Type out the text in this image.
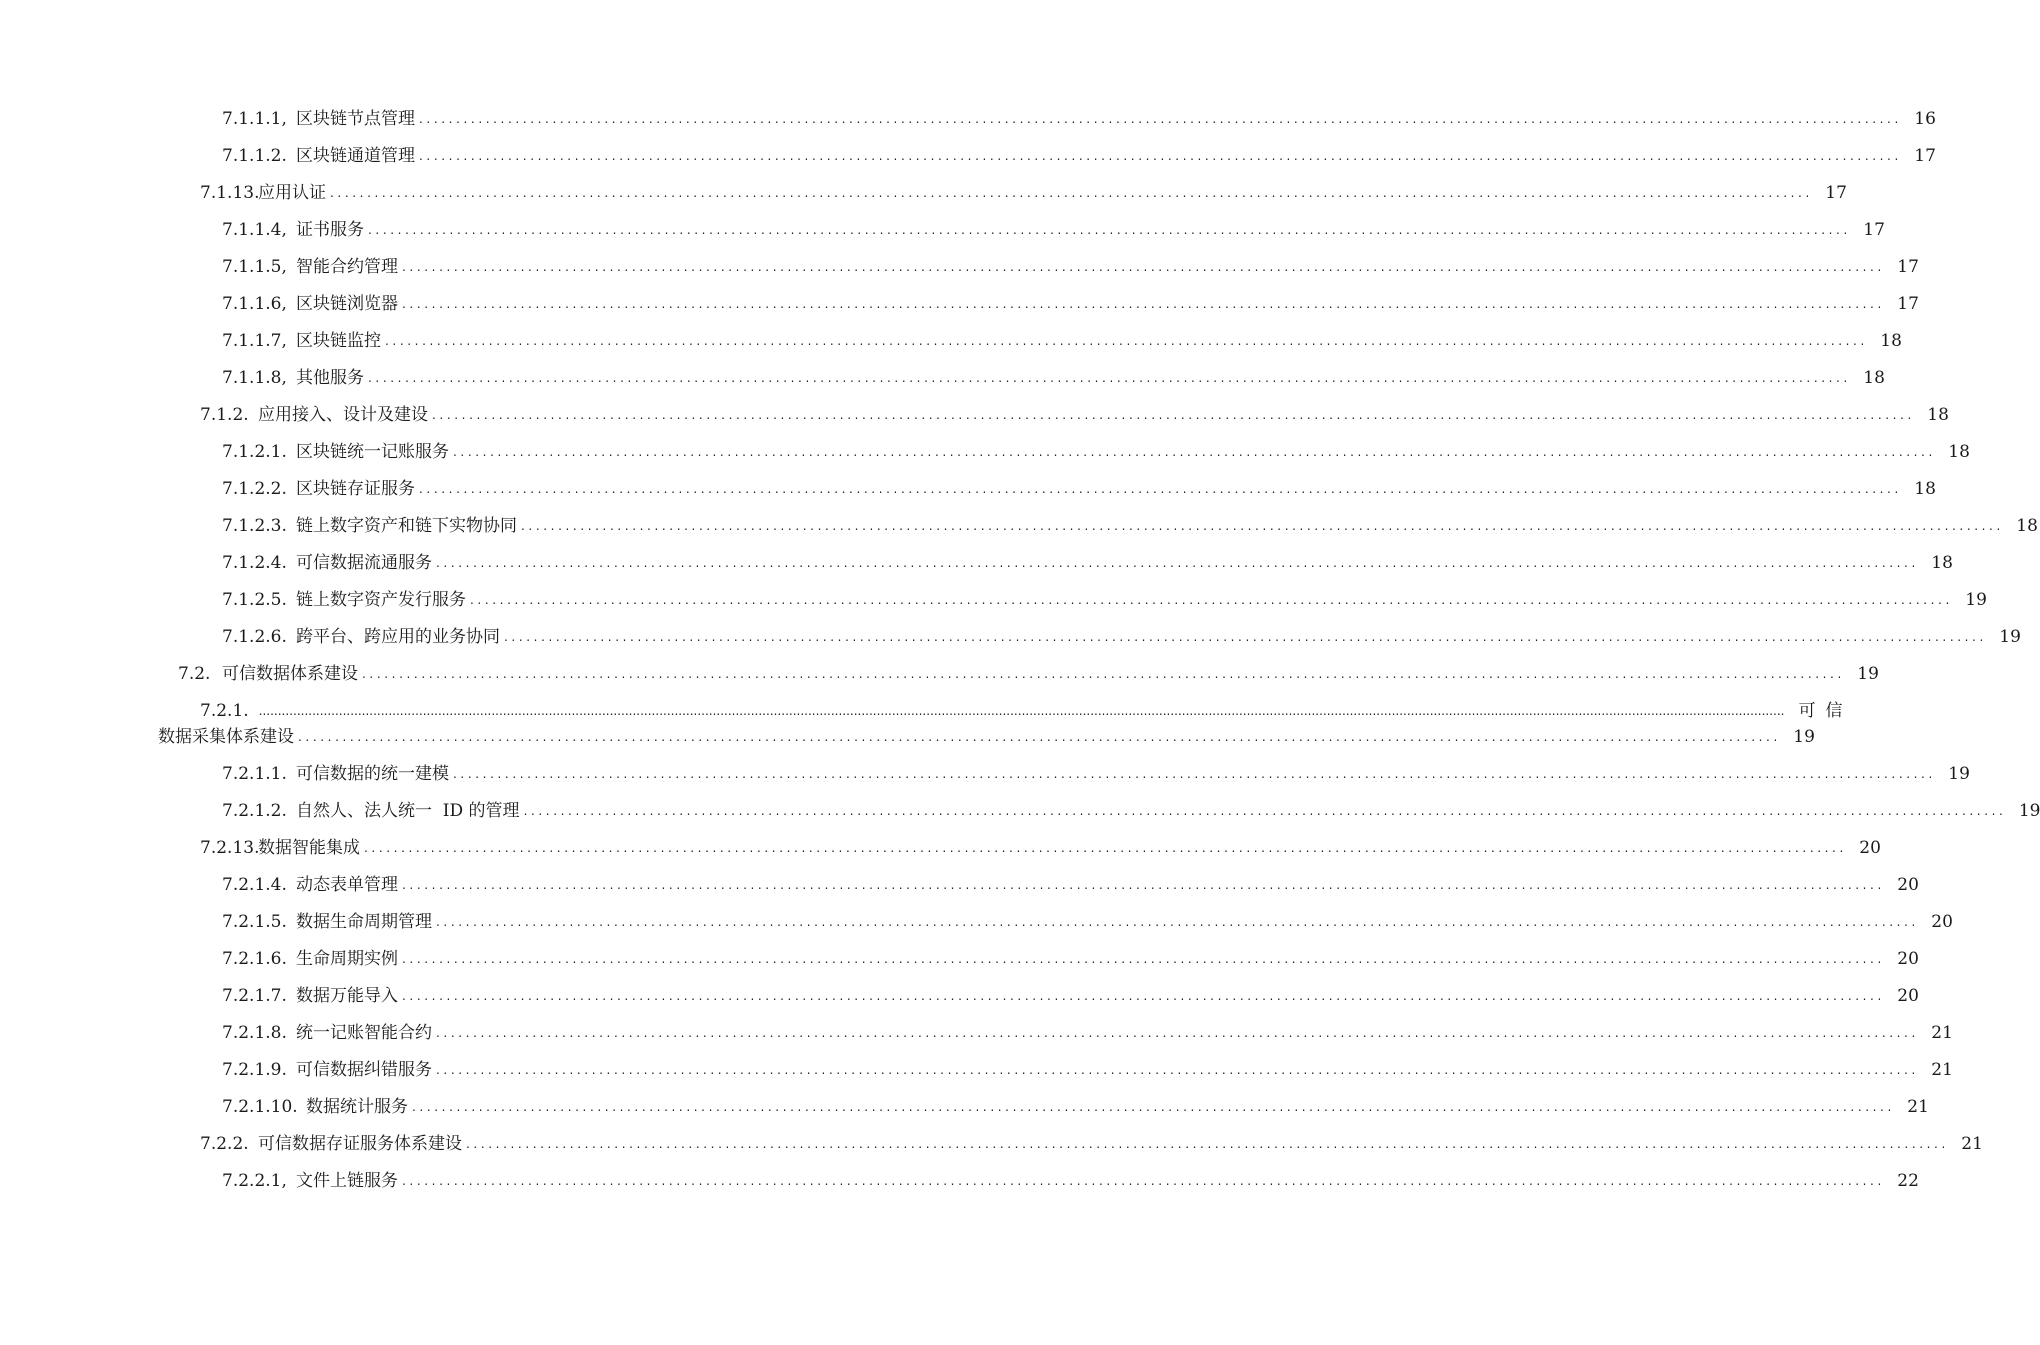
7.1.1.1, 区块链节点管理 ........................................................................................................................................................................................................ 16
7.1.1.2. 区块链通道管理 ........................................................................................................................................................................................................ 17
7.1.13.
应用认证 ........................................................................................................................................................................................................ 17
7.1.1.4, 证书服务 ........................................................................................................................................................................................................ 17
7.1.1.5, 智能合约管理 ........................................................................................................................................................................................................ 17
7.1.1.6, 区块链浏览器 ........................................................................................................................................................................................................ 17
7.1.1.7, 区块链监控 ........................................................................................................................................................................................................ 18
7.1.1.8, 其他服务 ........................................................................................................................................................................................................ 18
7.1.2. 应用接入、设计及建设 ........................................................................................................................................................................................................ 18
7.1.2.1. 区块链统一记账服务 ........................................................................................................................................................................................................ 18
7.1.2.2. 区块链存证服务 ........................................................................................................................................................................................................ 18
7.1.2.3. 链上数字资产和链下实物协同 ........................................................................................................................................................................................................ 18
7.1.2.4. 可信数据流通服务 ........................................................................................................................................................................................................ 18
7.1.2.5. 链上数字资产发行服务 ........................................................................................................................................................................................................ 19
7.1.2.6. 跨平台、跨应用的业务协同 ........................................................................................................................................................................................................ 19
7.2. 可信数据体系建设 ........................................................................................................................................................................................................ 19
7.2.1. ................................................................................................................................................................................................................................................................................................................................................................................................................ 可信
数据采集体系建设 ........................................................................................................................................................................................................ 19
7.2.1.1. 可信数据的统一建模 ........................................................................................................................................................................................................ 19
7.2.1.2. 自然人、法人统一  ID 的管理 ........................................................................................................................................................................................................ 19
7.2.13.
数据智能集成 ........................................................................................................................................................................................................ 20
7.2.1.4. 动态表单管理 ........................................................................................................................................................................................................ 20
7.2.1.5. 数据生命周期管理 ........................................................................................................................................................................................................ 20
7.2.1.6. 生命周期实例 ........................................................................................................................................................................................................ 20
7.2.1.7. 数据万能导入 ........................................................................................................................................................................................................ 20
7.2.1.8. 统一记账智能合约 ........................................................................................................................................................................................................ 21
7.2.1.9. 可信数据纠错服务 ........................................................................................................................................................................................................ 21
7.2.1.10. 数据统计服务 ........................................................................................................................................................................................................ 21
7.2.2. 可信数据存证服务体系建设 ........................................................................................................................................................................................................ 21
7.2.2.1, 文件上链服务 ........................................................................................................................................................................................................ 22
